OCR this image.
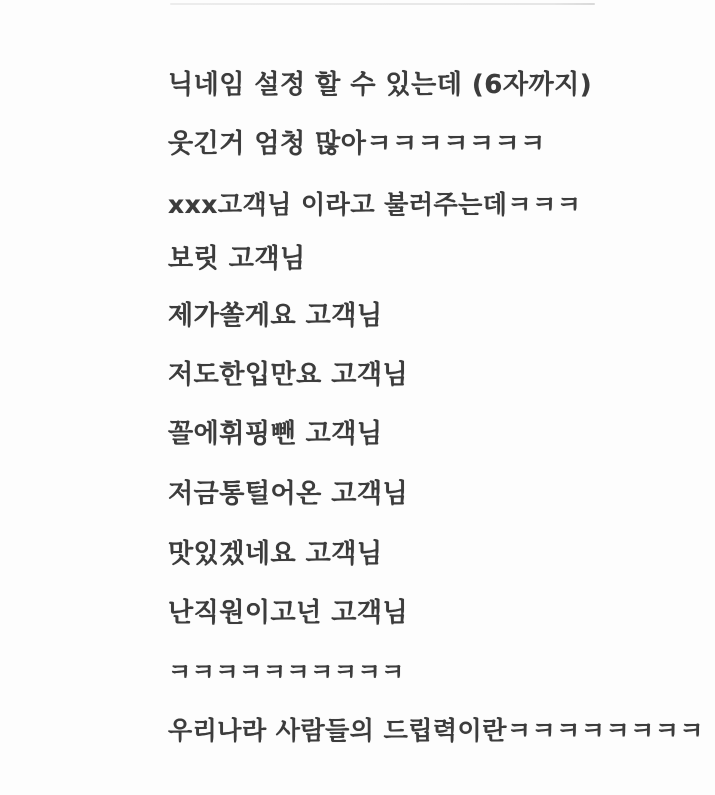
닉네임 설정 할 수 있는데 (6자까지)
웃긴거 엄청 많아ㅋㅋㅋㅋㅋㅋㅋ
xxx고객님 이라고 불러주는데ㅋㅋㅋ
보릿 고객님
제가쏠게요 고객님
저도한입만요 고객님
꼴에휘핑뺀 고객님
저금통털어온 고객님
맛있겠네요 고객님
난직원이고넌 고객님
ㅋㅋㅋㅋㅋㅋㅋㅋㅋㅋ
우리나라 사람들의 드립력이란ㅋㅋㅋㅋㅋㅋㅋㅋ
